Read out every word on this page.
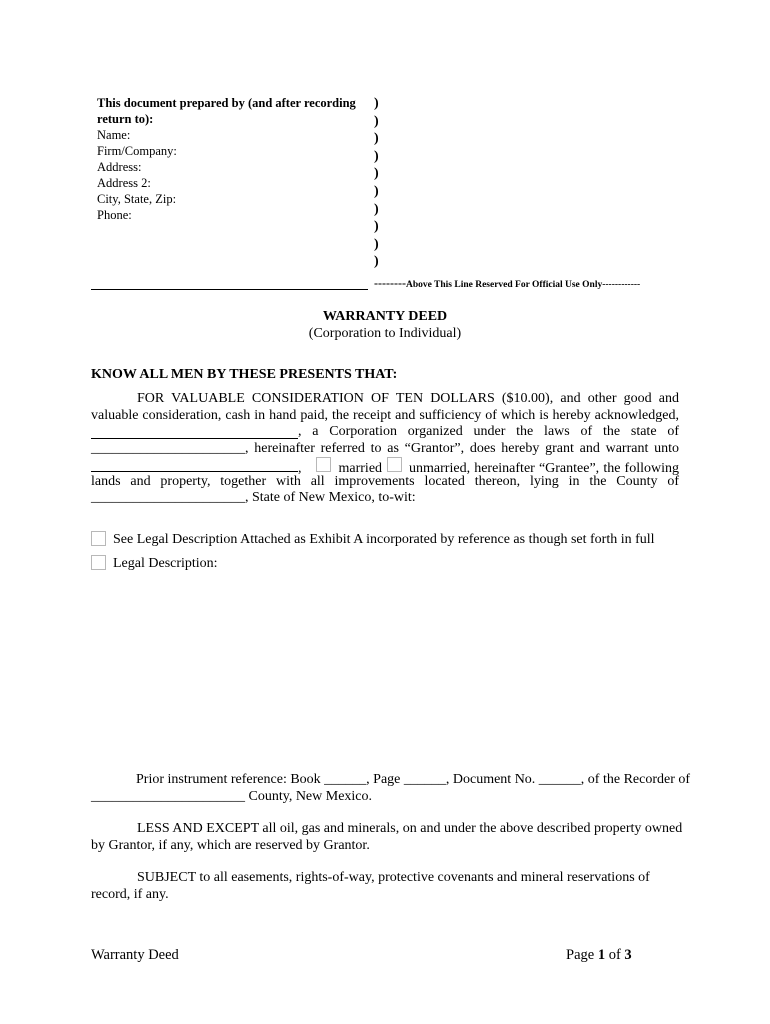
This document prepared by (and after recording
return to):
Name:
Firm/Company:
Address:
Address 2:
City, State, Zip:
Phone:
)
)
)
)
)
)
)
)
)
)
--------Above This Line Reserved For Official Use Only------------
WARRANTY DEED
(Corporation to Individual)
KNOW ALL MEN BY THESE PRESENTS THAT:
FOR VALUABLE CONSIDERATION OF TEN DOLLARS ($10.00), and other good and
valuable consideration, cash in hand paid, the receipt and sufficiency of which is hereby acknowledged,
, a Corporation organized under the laws of the state of
______________________ , hereinafter referred to as “Grantor”, does hereby grant and warrant unto
,	married unmarried, hereinafter “Grantee”, the following
lands and property, together with all improvements located thereon, lying in the County of
______________________, State of New Mexico, to-wit:
See Legal Description Attached as Exhibit A incorporated by reference as though set forth in full
Legal Description:
Prior instrument reference: Book ______, Page ______, Document No. ______, of the Recorder of
______________________ County, New Mexico.
LESS AND EXCEPT all oil, gas and minerals, on and under the above described property owned
by Grantor, if any, which are reserved by Grantor.
SUBJECT to all easements, rights-of-way, protective covenants and mineral reservations of
record, if any.
Warranty Deed	Page 1 of 3
